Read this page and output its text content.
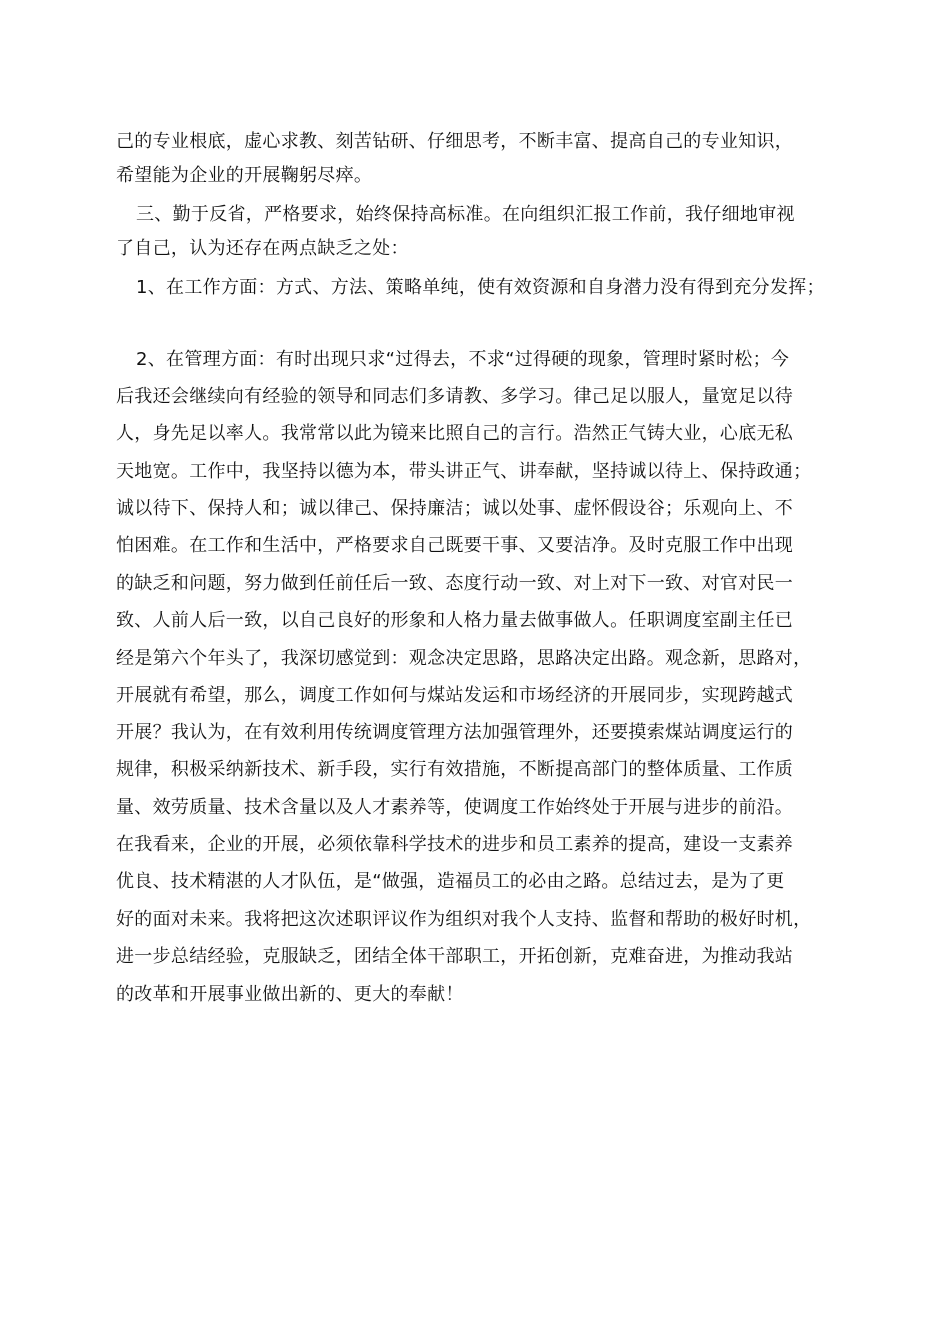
己的专业根底，虚心求教、刻苦钻研、仔细思考，不断丰富、提高自己的专业知识，
希望能为企业的开展鞠躬尽瘁。
三、勤于反省，严格要求，始终保持高标准。在向组织汇报工作前，我仔细地审视
了自己，认为还存在两点缺乏之处：
1、在工作方面：方式、方法、策略单纯，使有效资源和自身潜力没有得到充分发挥；
2、在管理方面：有时出现只求“过得去，不求“过得硬的现象，管理时紧时松；今
后我还会继续向有经验的领导和同志们多请教、多学习。律己足以服人，量宽足以待
人，身先足以率人。我常常以此为镜来比照自己的言行。浩然正气铸大业，心底无私
天地宽。工作中，我坚持以德为本，带头讲正气、讲奉献，坚持诚以待上、保持政通；
诚以待下、保持人和；诚以律己、保持廉洁；诚以处事、虚怀假设谷；乐观向上、不
怕困难。在工作和生活中，严格要求自己既要干事、又要洁净。及时克服工作中出现
的缺乏和问题，努力做到任前任后一致、态度行动一致、对上对下一致、对官对民一
致、人前人后一致，以自己良好的形象和人格力量去做事做人。任职调度室副主任已
经是第六个年头了，我深切感觉到：观念决定思路，思路决定出路。观念新，思路对，
开展就有希望，那么，调度工作如何与煤站发运和市场经济的开展同步，实现跨越式
开展？我认为，在有效利用传统调度管理方法加强管理外，还要摸索煤站调度运行的
规律，积极采纳新技术、新手段，实行有效措施，不断提高部门的整体质量、工作质
量、效劳质量、技术含量以及人才素养等，使调度工作始终处于开展与进步的前沿。
在我看来，企业的开展，必须依靠科学技术的进步和员工素养的提高，建设一支素养
优良、技术精湛的人才队伍，是“做强，造福员工的必由之路。总结过去，是为了更
好的面对未来。我将把这次述职评议作为组织对我个人支持、监督和帮助的极好时机，
进一步总结经验，克服缺乏，团结全体干部职工，开拓创新，克难奋进，为推动我站
的改革和开展事业做出新的、更大的奉献！
